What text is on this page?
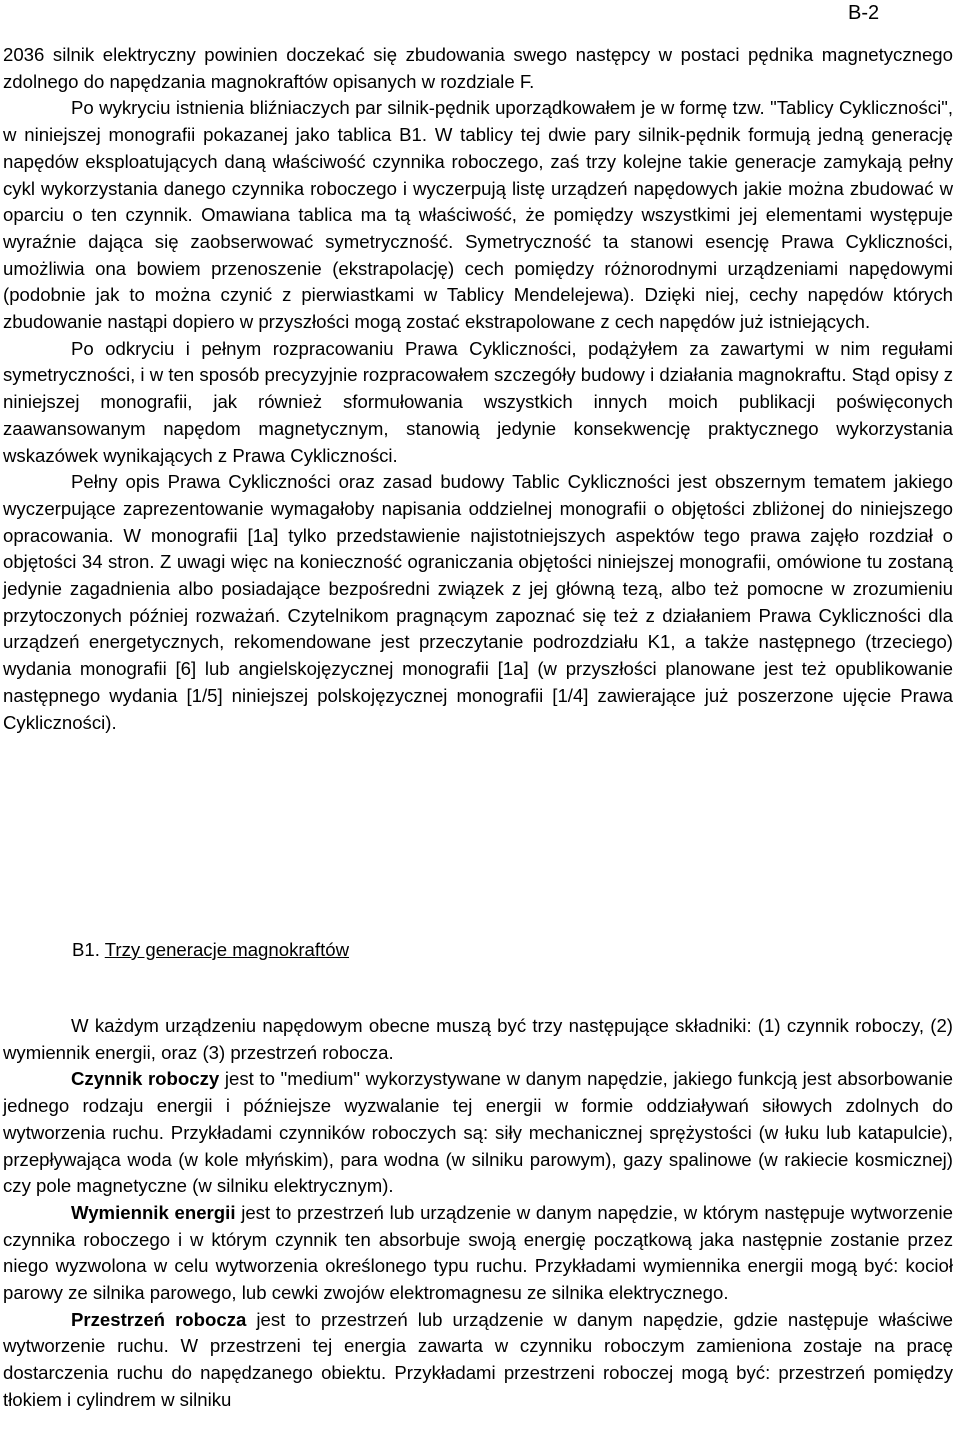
B-2

2036 silnik elektryczny powinien doczekać się zbudowania swego następcy w postaci pędnika magnetycznego zdolnego do napędzania magnokraftów opisanych w rozdziale F.

Po wykryciu istnienia bliźniaczych par silnik-pędnik uporządkowałem je w formę tzw. "Tablicy Cykliczności", w niniejszej monografii pokazanej jako tablica B1. W tablicy tej dwie pary silnik-pędnik formują jedną generację napędów eksploatujących daną właściwość czynnika roboczego, zaś trzy kolejne takie generacje zamykają pełny cykl wykorzystania danego czynnika roboczego i wyczerpują listę urządzeń napędowych jakie można zbudować w oparciu o ten czynnik. Omawiana tablica ma tą właściwość, że pomiędzy wszystkimi jej elementami występuje wyraźnie dająca się zaobserwować symetryczność. Symetryczność ta stanowi esencję Prawa Cykliczności, umożliwia ona bowiem przenoszenie (ekstrapolację) cech pomiędzy różnorodnymi urządzeniami napędowymi (podobnie jak to można czynić z pierwiastkami w Tablicy Mendelejewa). Dzięki niej, cechy napędów których zbudowanie nastąpi dopiero w przyszłości mogą zostać ekstrapolowane z cech napędów już istniejących.

Po odkryciu i pełnym rozpracowaniu Prawa Cykliczności, podążyłem za zawartymi w nim regułami symetryczności, i w ten sposób precyzyjnie rozpracowałem szczegóły budowy i działania magnokraftu. Stąd opisy z niniejszej monografii, jak również sformułowania wszystkich innych moich publikacji poświęconych zaawansowanym napędom magnetycznym, stanowią jedynie konsekwencję praktycznego wykorzystania wskazówek wynikających z Prawa Cykliczności.

Pełny opis Prawa Cykliczności oraz zasad budowy Tablic Cykliczności jest obszernym tematem jakiego wyczerpujące zaprezentowanie wymagałoby napisania oddzielnej monografii o objętości zbliżonej do niniejszego opracowania. W monografii [1a] tylko przedstawienie najistotniejszych aspektów tego prawa zajęło rozdział o objętości 34 stron. Z uwagi więc na konieczność ograniczania objętości niniejszej monografii, omówione tu zostaną jedynie zagadnienia albo posiadające bezpośredni związek z jej główną tezą, albo też pomocne w zrozumieniu przytoczonych później rozważań. Czytelnikom pragnącym zapoznać się też z działaniem Prawa Cykliczności dla urządzeń energetycznych, rekomendowane jest przeczytanie podrozdziału K1, a także następnego (trzeciego) wydania monografii [6] lub angielskojęzycznej monografii [1a] (w przyszłości planowane jest też opublikowanie następnego wydania [1/5] niniejszej polskojęzycznej monografii [1/4] zawierające już poszerzone ujęcie Prawa Cykliczności).

B1. Trzy generacje magnokraftów

W każdym urządzeniu napędowym obecne muszą być trzy następujące składniki: (1) czynnik roboczy, (2) wymiennik energii, oraz (3) przestrzeń robocza.

Czynnik roboczy jest to "medium" wykorzystywane w danym napędzie, jakiego funkcją jest absorbowanie jednego rodzaju energii i późniejsze wyzwalanie tej energii w formie oddziaływań siłowych zdolnych do wytworzenia ruchu. Przykładami czynników roboczych są: siły mechanicznej sprężystości (w łuku lub katapulcie), przepływająca woda (w kole młyńskim), para wodna (w silniku parowym), gazy spalinowe (w rakiecie kosmicznej) czy pole magnetyczne (w silniku elektrycznym).

Wymiennik energii jest to przestrzeń lub urządzenie w danym napędzie, w którym następuje wytworzenie czynnika roboczego i w którym czynnik ten absorbuje swoją energię początkową jaka następnie zostanie przez niego wyzwolona w celu wytworzenia określonego typu ruchu. Przykładami wymiennika energii mogą być: kocioł parowy ze silnika parowego, lub cewki zwojów elektromagnesu ze silnika elektrycznego.

Przestrzeń robocza jest to przestrzeń lub urządzenie w danym napędzie, gdzie następuje właściwe wytworzenie ruchu. W przestrzeni tej energia zawarta w czynniku roboczym zamieniona zostaje na pracę dostarczenia ruchu do napędzanego obiektu. Przykładami przestrzeni roboczej mogą być: przestrzeń pomiędzy tłokiem i cylindrem w silniku
